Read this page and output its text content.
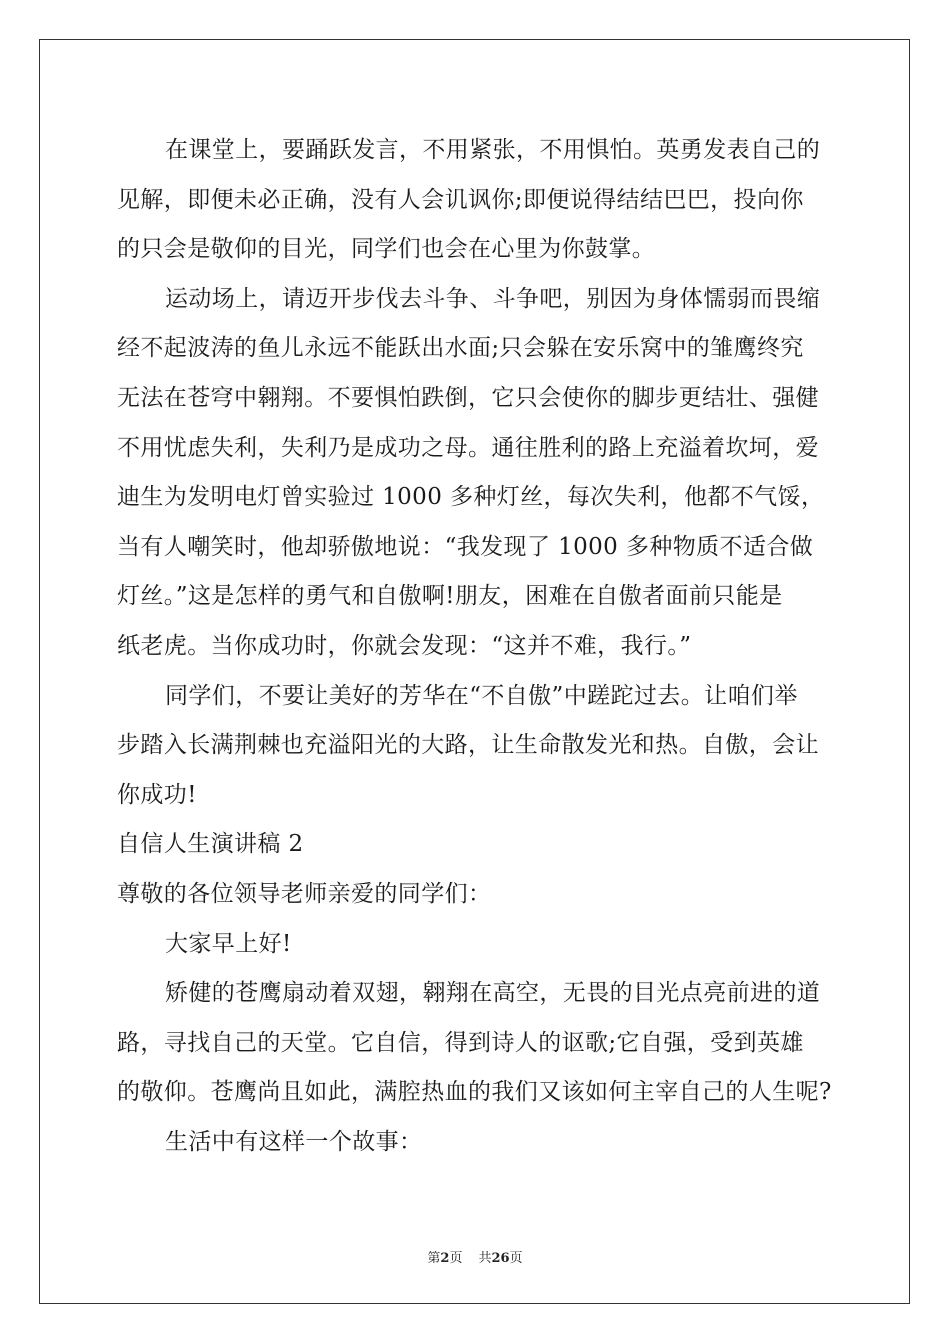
在课堂上，要踊跃发言，不用紧张，不用惧怕。英勇发表自己的
见解，即便未必正确，没有人会讥讽你;即便说得结结巴巴，投向你
的只会是敬仰的目光，同学们也会在心里为你鼓掌。
运动场上，请迈开步伐去斗争、斗争吧，别因为身体懦弱而畏缩
经不起波涛的鱼儿永远不能跃出水面;只会躲在安乐窝中的雏鹰终究
无法在苍穹中翱翔。不要惧怕跌倒，它只会使你的脚步更结壮、强健
不用忧虑失利，失利乃是成功之母。通往胜利的路上充溢着坎坷，爱
迪生为发明电灯曾实验过 1000 多种灯丝，每次失利，他都不气馁，
当有人嘲笑时，他却骄傲地说：“我发现了 1000 多种物质不适合做
灯丝。”这是怎样的勇气和自傲啊!朋友，困难在自傲者面前只能是
纸老虎。当你成功时，你就会发现：“这并不难，我行。”
同学们，不要让美好的芳华在“不自傲”中蹉跎过去。让咱们举
步踏入长满荆棘也充溢阳光的大路，让生命散发光和热。自傲，会让
你成功!
自信人生演讲稿 2
尊敬的各位领导老师亲爱的同学们：
大家早上好!
矫健的苍鹰扇动着双翅，翱翔在高空，无畏的目光点亮前进的道
路，寻找自己的天堂。它自信，得到诗人的讴歌;它自强，受到英雄
的敬仰。苍鹰尚且如此，满腔热血的我们又该如何主宰自己的人生呢?
生活中有这样一个故事：
第2页 共26页
